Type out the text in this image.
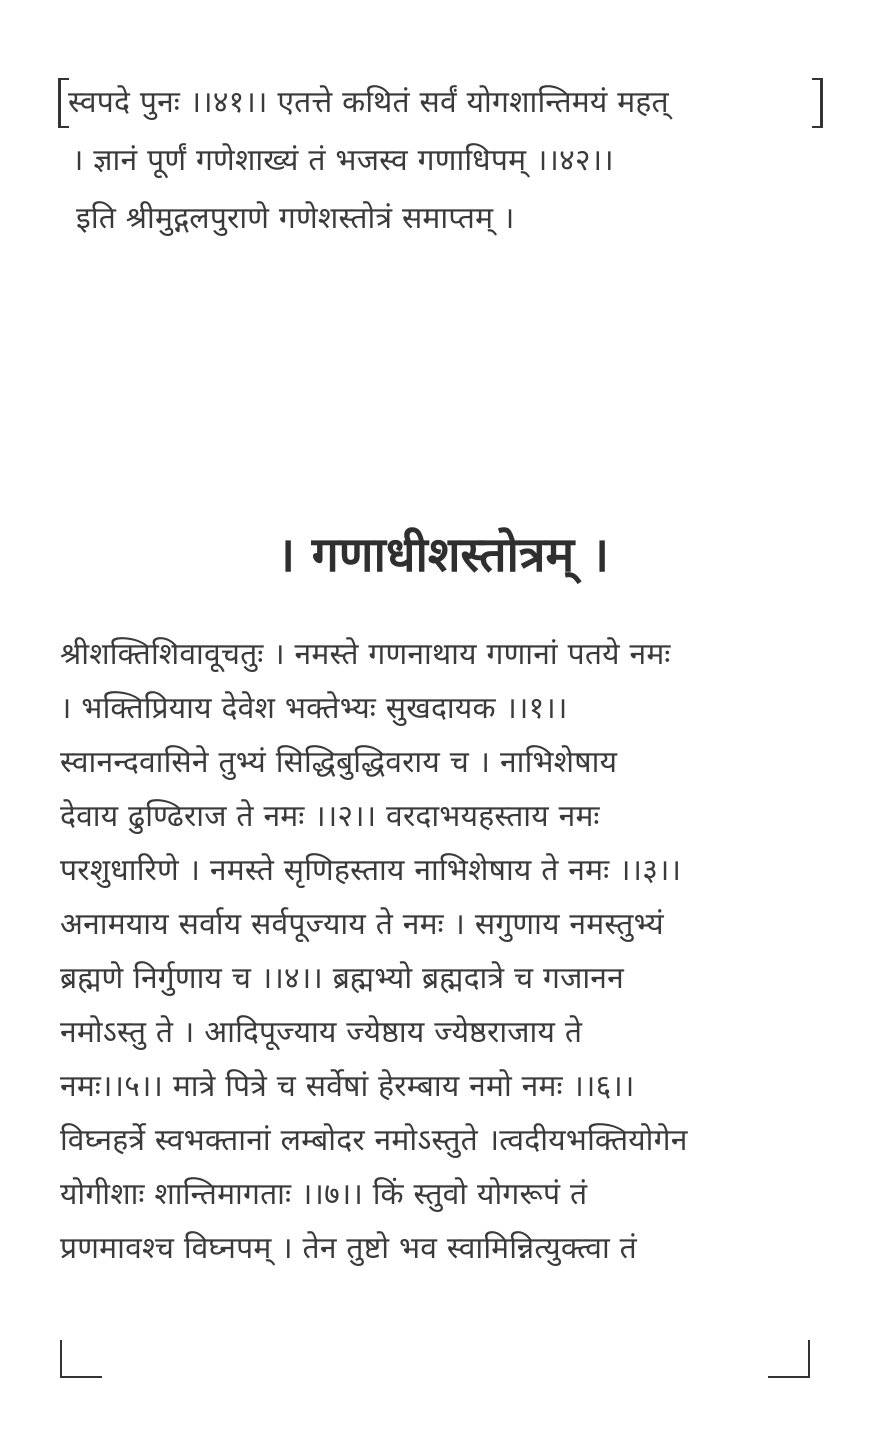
स्वपदे पुनः ।।४१।। एतत्ते कथितं सर्वं योगशान्तिमयं महत्
। ज्ञानं पूर्णं गणेशाख्यं तं भजस्व गणाधिपम् ।।४२।।
इति श्रीमुद्गलपुराणे गणेशस्तोत्रं समाप्तम् ।
। गणाधीशस्तोत्रम् ।
श्रीशक्तिशिवावूचतुः । नमस्ते गणनाथाय गणानां पतये नमः
। भक्तिप्रियाय देवेश भक्तेभ्यः सुखदायक ।।१।।
स्वानन्दवासिने तुभ्यं सिद्धिबुद्धिवराय च । नाभिशेषाय
देवाय ढुण्ढिराज ते नमः ।।२।। वरदाभयहस्ताय नमः
परशुधारिणे । नमस्ते सृणिहस्ताय नाभिशेषाय ते नमः ।।३।।
अनामयाय सर्वाय सर्वपूज्याय ते नमः । सगुणाय नमस्तुभ्यं
ब्रह्मणे निर्गुणाय च ।।४।। ब्रह्मभ्यो ब्रह्मदात्रे च गजानन
नमोऽस्तु ते । आदिपूज्याय ज्येष्ठाय ज्येष्ठराजाय ते
नमः।।५।। मात्रे पित्रे च सर्वेषां हेरम्बाय नमो नमः ।।६।।
विघ्नहर्त्रे स्वभक्तानां लम्बोदर नमोऽस्तुते ।त्वदीयभक्तियोगेन
योगीशाः शान्तिमागताः ।।७।। किं स्तुवो योगरूपं तं
प्रणमावश्च विघ्नपम् । तेन तुष्टो भव स्वामिन्नित्युक्त्वा तं
